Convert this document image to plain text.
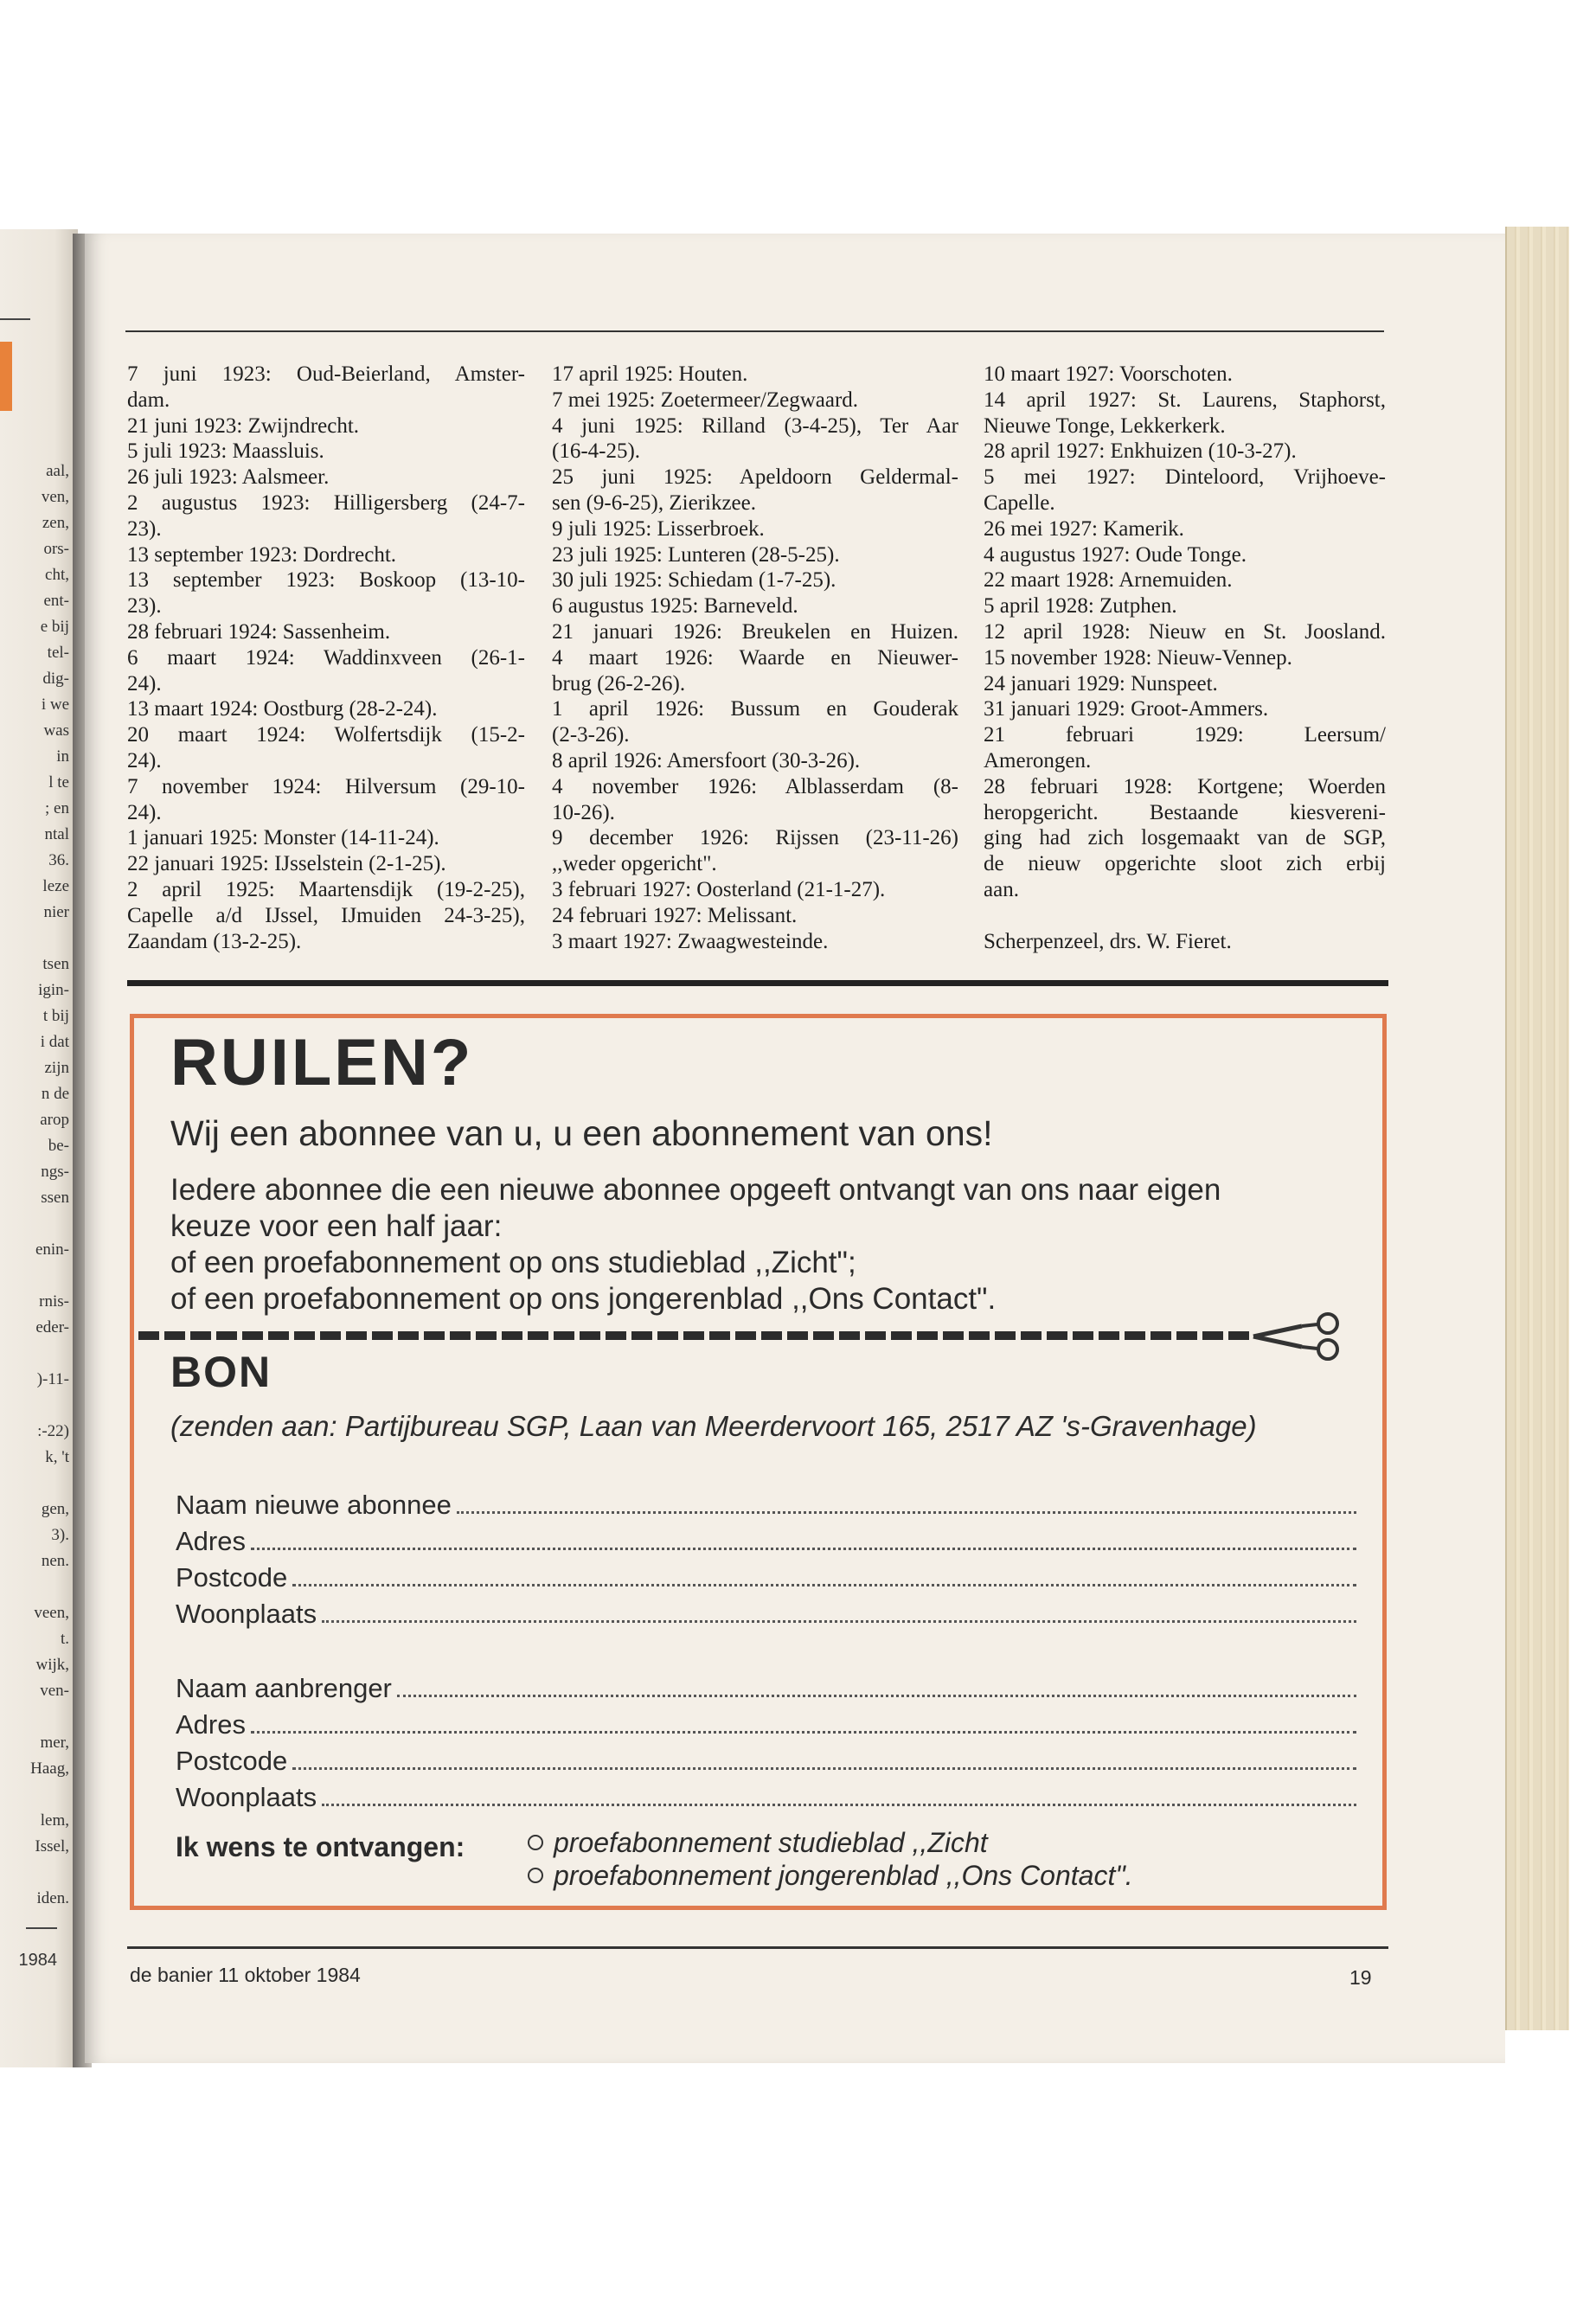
aal,
ven,
zen,
ors-
cht,
ent-
e bij
tel-
dig-
i we
was
in
l te
; en
ntal
36.
leze
nier

tsen
igin-
t bij
i dat
zijn
n de
arop
be-
ngs-
ssen

enin-

rnis-
eder-

)-11-

:-22)
k, 't

gen,
3).
nen.

veen,
t.
wijk,
ven-

mer,
Haag,

lem,
Issel,

iden.
1984
7 juni 1923: Oud-Beierland, Amster-
dam.
21 juni 1923: Zwijndrecht.
5 juli 1923: Maassluis.
26 juli 1923: Aalsmeer.
2 augustus 1923: Hilligersberg (24-7-
23).
13 september 1923: Dordrecht.
13 september 1923: Boskoop (13-10-
23).
28 februari 1924: Sassenheim.
6 maart 1924: Waddinxveen (26-1-
24).
13 maart 1924: Oostburg (28-2-24).
20 maart 1924: Wolfertsdijk (15-2-
24).
7 november 1924: Hilversum (29-10-
24).
1 januari 1925: Monster (14-11-24).
22 januari 1925: IJsselstein (2-1-25).
2 april 1925: Maartensdijk (19-2-25),
Capelle a/d IJssel, IJmuiden 24-3-25),
Zaandam (13-2-25).
17 april 1925: Houten.
7 mei 1925: Zoetermeer/Zegwaard.
4 juni 1925: Rilland (3-4-25), Ter Aar
(16-4-25).
25 juni 1925: Apeldoorn Geldermal-
sen (9-6-25), Zierikzee.
9 juli 1925: Lisserbroek.
23 juli 1925: Lunteren (28-5-25).
30 juli 1925: Schiedam (1-7-25).
6 augustus 1925: Barneveld.
21 januari 1926: Breukelen en Huizen.
4 maart 1926: Waarde en Nieuwer-
brug (26-2-26).
1 april 1926: Bussum en Gouderak
(2-3-26).
8 april 1926: Amersfoort (30-3-26).
4 november 1926: Alblasserdam (8-
10-26).
9 december 1926: Rijssen (23-11-26)
,,weder opgericht".
3 februari 1927: Oosterland (21-1-27).
24 februari 1927: Melissant.
3 maart 1927: Zwaagwesteinde.
10 maart 1927: Voorschoten.
14 april 1927: St. Laurens, Staphorst,
Nieuwe Tonge, Lekkerkerk.
28 april 1927: Enkhuizen (10-3-27).
5 mei 1927: Dinteloord, Vrijhoeve-
Capelle.
26 mei 1927: Kamerik.
4 augustus 1927: Oude Tonge.
22 maart 1928: Arnemuiden.
5 april 1928: Zutphen.
12 april 1928: Nieuw en St. Joosland.
15 november 1928: Nieuw-Vennep.
24 januari 1929: Nunspeet.
31 januari 1929: Groot-Ammers.
21 februari 1929: Leersum/
Amerongen.
28 februari 1928: Kortgene; Woerden
heropgericht. Bestaande kiesvereni-
ging had zich losgemaakt van de SGP,
de nieuw opgerichte sloot zich erbij
aan.

Scherpenzeel, drs. W. Fieret.
RUILEN?
Wij een abonnee van u, u een abonnement van ons!
Iedere abonnee die een nieuwe abonnee opgeeft ontvangt van ons naar eigen
keuze voor een half jaar:
of een proefabonnement op ons studieblad ,,Zicht";
of een proefabonnement op ons jongerenblad ,,Ons Contact".
BON
(zenden aan: Partijbureau SGP, Laan van Meerdervoort 165, 2517 AZ 's-Gravenhage)
Naam nieuwe abonnee
Adres
Postcode
Woonplaats
Naam aanbrenger
Adres
Postcode
Woonplaats
Ik wens te ontvangen:	proefabonnement studieblad ,,Zicht
proefabonnement jongerenblad ,,Ons Contact".
de banier 11 oktober 1984	19
